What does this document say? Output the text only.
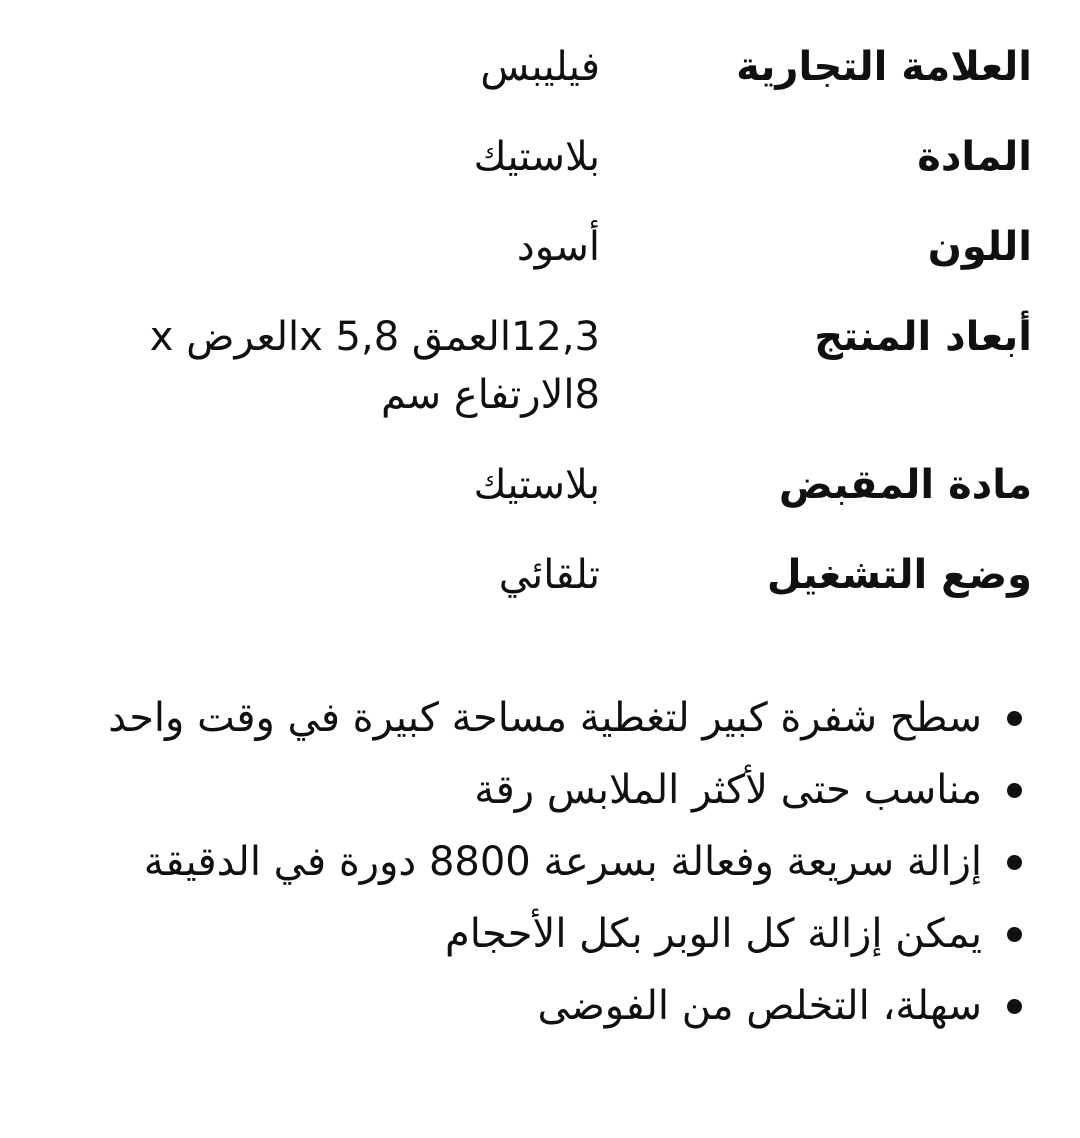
العلامة التجارية
فيليبس
المادة
بلاستيك
اللون
أسود
أبعاد المنتج
12,3العمق x 5,8العرض x 8الارتفاع سم
مادة المقبض
بلاستيك
وضع التشغيل
تلقائي
سطح شفرة كبير لتغطية مساحة كبيرة في وقت واحد
مناسب حتى لأكثر الملابس رقة
إزالة سريعة وفعالة بسرعة 8800 دورة في الدقيقة
يمكن إزالة كل الوبر بكل الأحجام
سهلة، التخلص من الفوضى
